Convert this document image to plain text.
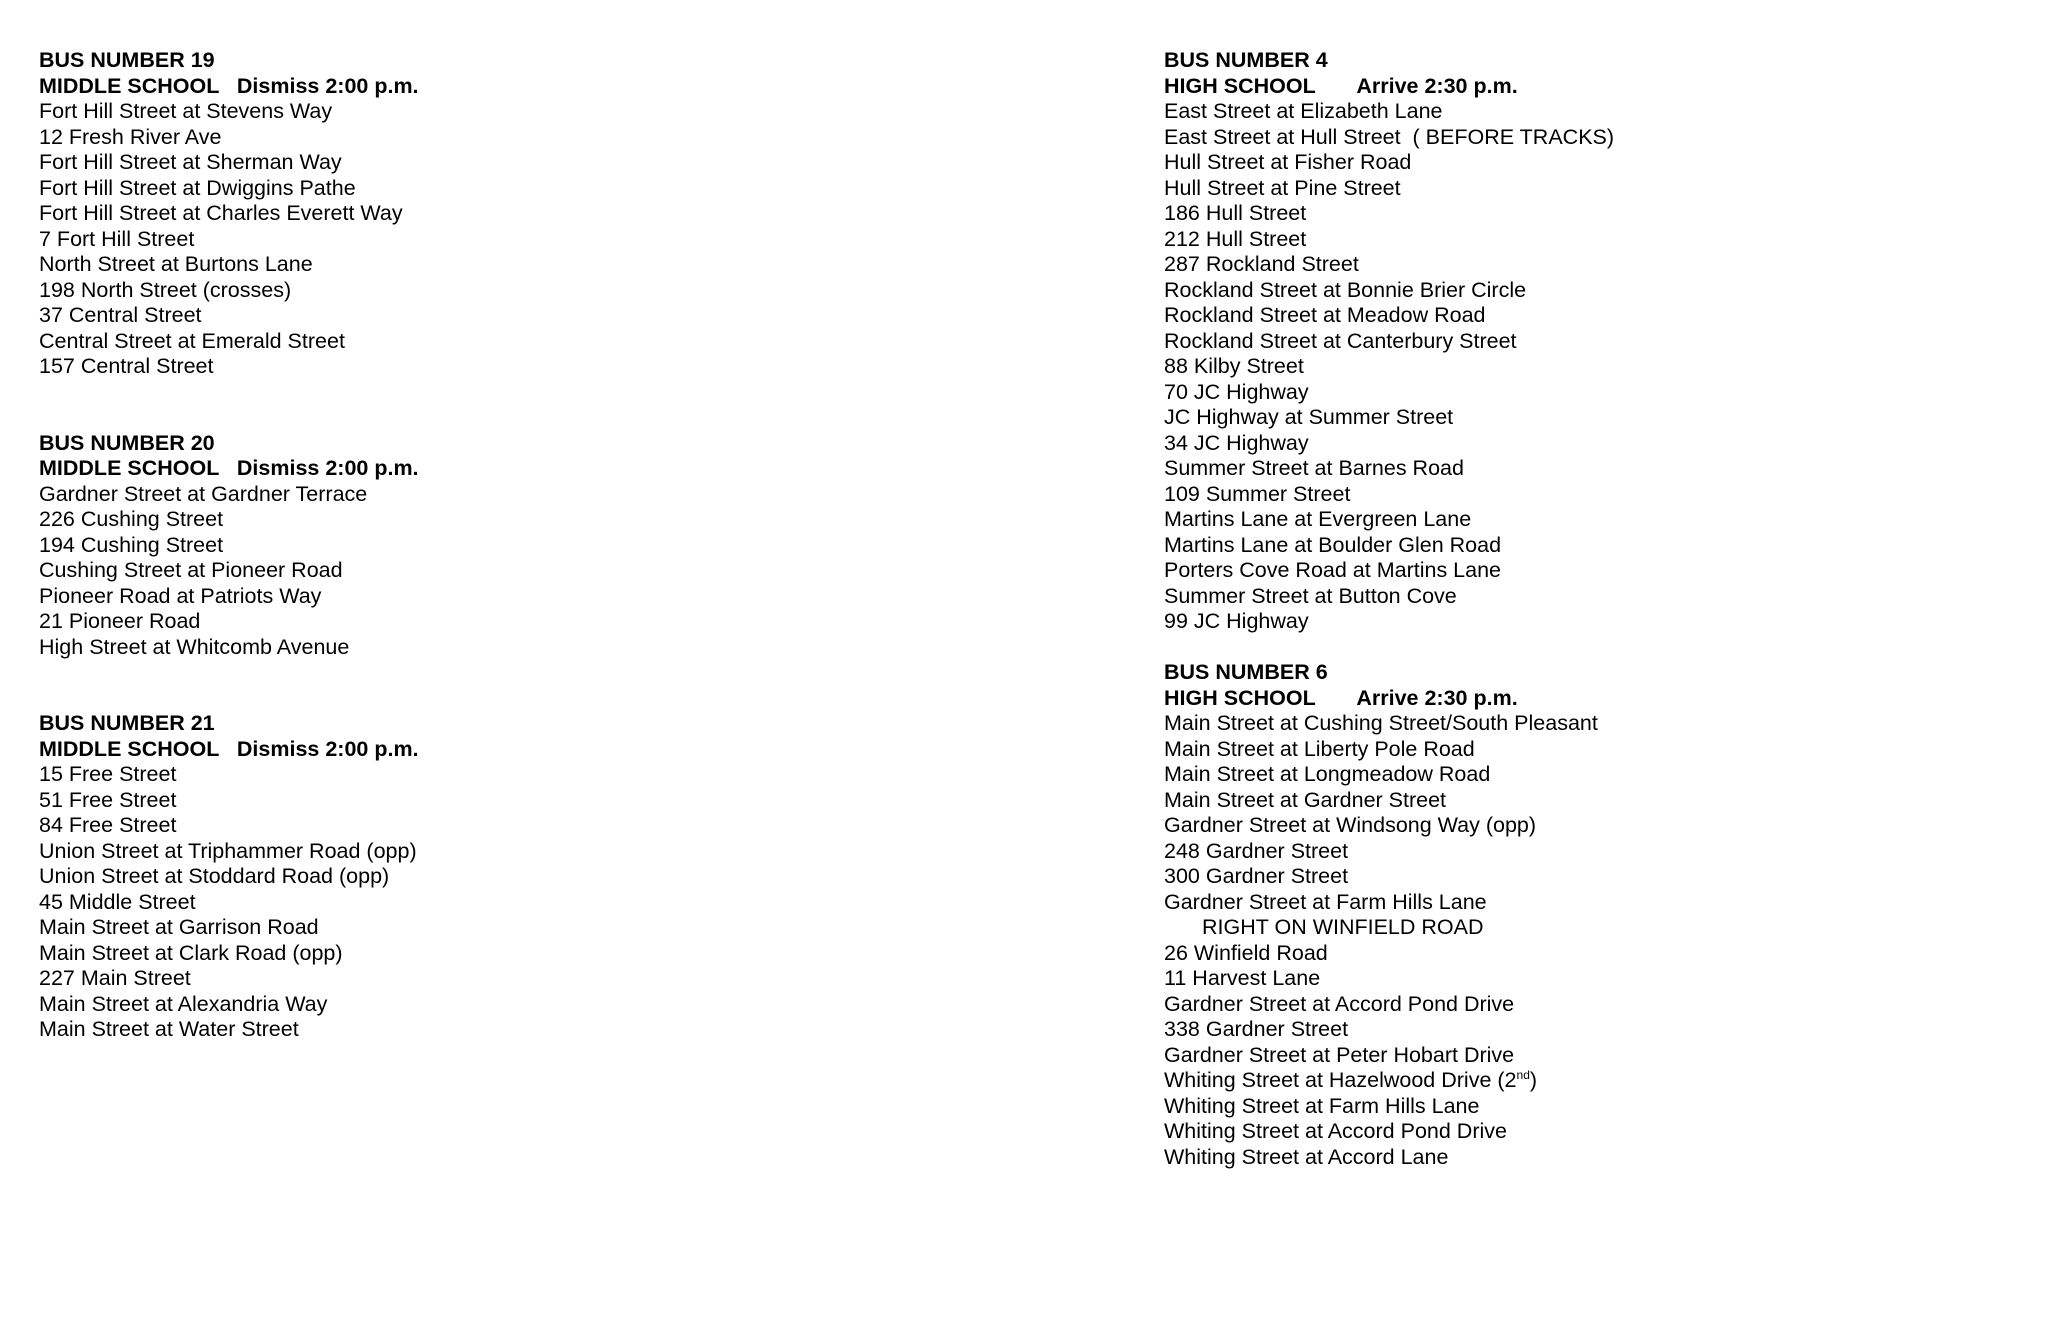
BUS NUMBER 19

MIDDLE SCHOOL Dismiss 2:00 p.m.

Fort Hill Street at Stevens Way

12 Fresh River Ave

Fort Hill Street at Sherman Way

Fort Hill Street at Dwiggins Pathe

Fort Hill Street at Charles Everett Way

7 Fort Hill Street

North Street at Burtons Lane

198 North Street (crosses)

37 Central Street

Central Street at Emerald Street

157 Central Street

BUS NUMBER 20

MIDDLE SCHOOL Dismiss 2:00 p.m.

Gardner Street at Gardner Terrace

226 Cushing Street

194 Cushing Street

Cushing Street at Pioneer Road

Pioneer Road at Patriots Way

21 Pioneer Road

High Street at Whitcomb Avenue

BUS NUMBER 21

MIDDLE SCHOOL Dismiss 2:00 p.m.

15 Free Street

51 Free Street

84 Free Street

Union Street at Triphammer Road (opp)

Union Street at Stoddard Road (opp)

45 Middle Street

Main Street at Garrison Road

Main Street at Clark Road (opp)

227 Main Street

Main Street at Alexandria Way

Main Street at Water Street

BUS NUMBER 4

HIGH SCHOOL Arrive 2:30 p.m.

East Street at Elizabeth Lane

East Street at Hull Street  ( BEFORE TRACKS)

Hull Street at Fisher Road

Hull Street at Pine Street

186 Hull Street

212 Hull Street

287 Rockland Street

Rockland Street at Bonnie Brier Circle

Rockland Street at Meadow Road

Rockland Street at Canterbury Street

88 Kilby Street

70 JC Highway

JC Highway at Summer Street

34 JC Highway

Summer Street at Barnes Road

109 Summer Street

Martins Lane at Evergreen Lane

Martins Lane at Boulder Glen Road

Porters Cove Road at Martins Lane

Summer Street at Button Cove

99 JC Highway

BUS NUMBER 6

HIGH SCHOOL Arrive 2:30 p.m.

Main Street at Cushing Street/South Pleasant

Main Street at Liberty Pole Road

Main Street at Longmeadow Road

Main Street at Gardner Street

Gardner Street at Windsong Way (opp)

248 Gardner Street

300 Gardner Street

Gardner Street at Farm Hills Lane

RIGHT ON WINFIELD ROAD

26 Winfield Road

11 Harvest Lane

Gardner Street at Accord Pond Drive

338 Gardner Street

Gardner Street at Peter Hobart Drive

Whiting Street at Hazelwood Drive (2nd)

Whiting Street at Farm Hills Lane

Whiting Street at Accord Pond Drive

Whiting Street at Accord Lane
